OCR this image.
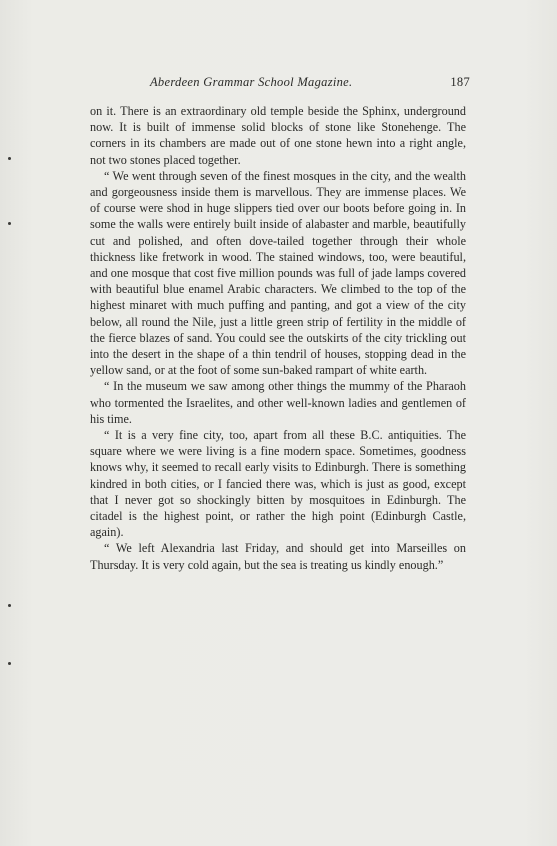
Aberdeen Grammar School Magazine.	187

on it. There is an extraordinary old temple beside the Sphinx, underground now. It is built of immense solid blocks of stone like Stonehenge. The corners in its chambers are made out of one stone hewn into a right angle, not two stones placed together.

“ We went through seven of the finest mosques in the city, and the wealth and gorgeousness inside them is marvellous. They are immense places. We of course were shod in huge slippers tied over our boots before going in. In some the walls were entirely built inside of alabaster and marble, beautifully cut and polished, and often dove-tailed together through their whole thickness like fretwork in wood. The stained windows, too, were beautiful, and one mosque that cost five million pounds was full of jade lamps covered with beautiful blue enamel Arabic characters. We climbed to the top of the highest minaret with much puffing and panting, and got a view of the city below, all round the Nile, just a little green strip of fertility in the middle of the fierce blazes of sand. You could see the outskirts of the city trickling out into the desert in the shape of a thin tendril of houses, stopping dead in the yellow sand, or at the foot of some sun-baked rampart of white earth.

“ In the museum we saw among other things the mummy of the Pharaoh who tormented the Israelites, and other well-known ladies and gentlemen of his time.

“ It is a very fine city, too, apart from all these B.C. antiquities. The square where we were living is a fine modern space. Sometimes, goodness knows why, it seemed to recall early visits to Edinburgh. There is something kindred in both cities, or I fancied there was, which is just as good, except that I never got so shockingly bitten by mosquitoes in Edinburgh. The citadel is the highest point, or rather the high point (Edinburgh Castle, again).

“ We left Alexandria last Friday, and should get into Marseilles on Thursday. It is very cold again, but the sea is treating us kindly enough.”
